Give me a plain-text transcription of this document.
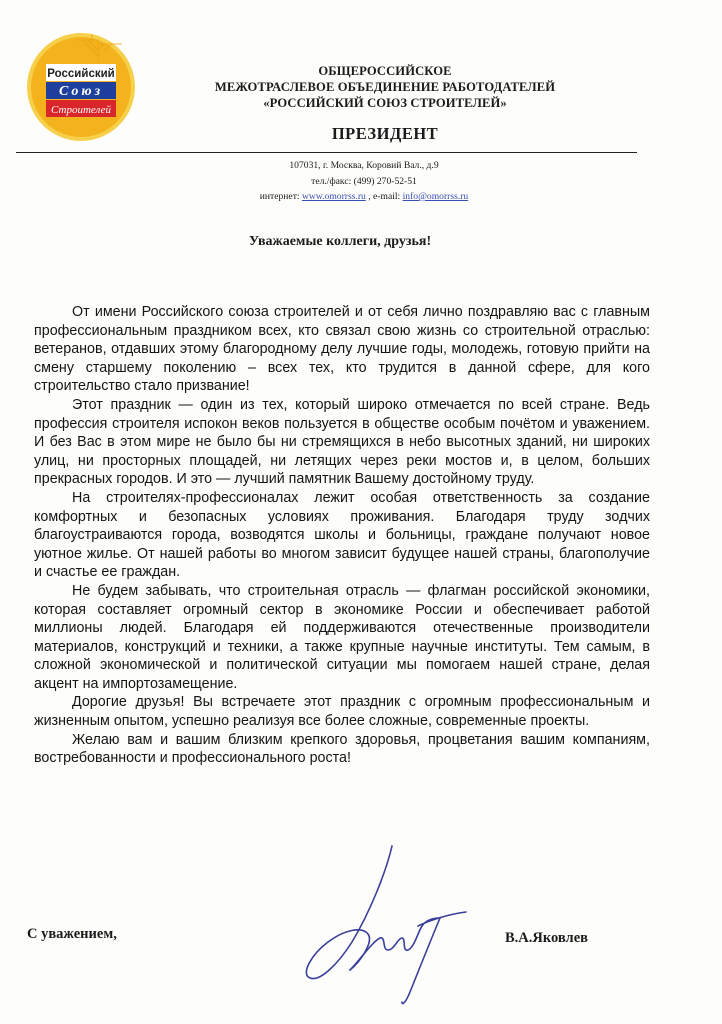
Российский
Союз
Строителей
ОБЩЕРОССИЙСКОЕ
МЕЖОТРАСЛЕВОЕ ОБЪЕДИНЕНИЕ РАБОТОДАТЕЛЕЙ
«РОССИЙСКИЙ СОЮЗ СТРОИТЕЛЕЙ»
ПРЕЗИДЕНТ
107031, г. Москва, Коровий Вал., д.9
тел./факс: (499) 270-52-51
интернет: www.omorrss.ru , e-mail: info@omorrss.ru
Уважаемые коллеги, друзья!

От имени Российского союза строителей и от себя лично поздравляю вас с главным профессиональным праздником всех, кто связал свою жизнь со строительной отраслью: ветеранов, отдавших этому благородному делу лучшие годы, молодежь, готовую прийти на смену старшему поколению – всех тех, кто трудится в данной сфере, для кого строительство стало призвание!

Этот праздник — один из тех, который широко отмечается по всей стране. Ведь профессия строителя испокон веков пользуется в обществе особым почётом и уважением. И без Вас в этом мире не было бы ни стремящихся в небо высотных зданий, ни широких улиц, ни просторных площадей, ни летящих через реки мостов и, в целом, больших прекрасных городов. И это — лучший памятник Вашему достойному труду.

На строителях-профессионалах лежит особая ответственность за создание комфортных и безопасных условиях проживания. Благодаря труду зодчих благоустраиваются города, возводятся школы и больницы, граждане получают новое уютное жилье. От нашей работы во многом зависит будущее нашей страны, благополучие и счастье ее граждан.

Не будем забывать, что строительная отрасль — флагман российской экономики, которая составляет огромный сектор в экономике России и обеспечивает работой миллионы людей. Благодаря ей поддерживаются отечественные производители материалов, конструкций и техники, а также крупные научные институты. Тем самым, в сложной экономической и политической ситуации мы помогаем нашей стране, делая акцент на импортозамещение.

Дорогие друзья! Вы встречаете этот праздник с огромным профессиональным и жизненным опытом, успешно реализуя все более сложные, современные проекты.

Желаю вам и вашим близким крепкого здоровья, процветания вашим компаниям, востребованности и профессионального роста!

С уважением,	В.А.Яковлев
